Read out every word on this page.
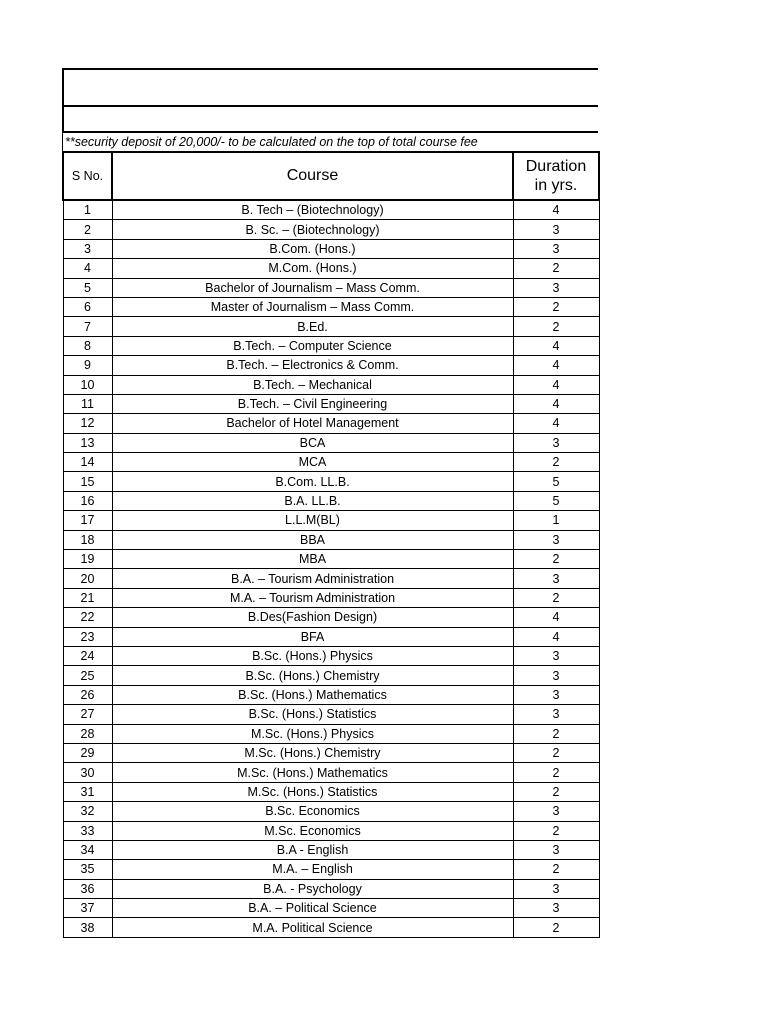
**security deposit of 20,000/- to be calculated on the top of total course fee
S No.	Course	Duration
in yrs.
1	B. Tech – (Biotechnology)	4
2	B. Sc. – (Biotechnology)	3
3	B.Com. (Hons.)	3
4	M.Com. (Hons.)	2
5	Bachelor of Journalism – Mass Comm.	3
6	Master of Journalism – Mass Comm.	2
7	B.Ed.	2
8	B.Tech. – Computer Science	4
9	B.Tech. – Electronics & Comm.	4
10	B.Tech. – Mechanical	4
11	B.Tech. – Civil Engineering	4
12	Bachelor of Hotel Management	4
13	BCA	3
14	MCA	2
15	B.Com. LL.B.	5
16	B.A. LL.B.	5
17	L.L.M(BL)	1
18	BBA	3
19	MBA	2
20	B.A. – Tourism Administration	3
21	M.A. – Tourism Administration	2
22	B.Des(Fashion Design)	4
23	BFA	4
24	B.Sc. (Hons.) Physics	3
25	B.Sc. (Hons.) Chemistry	3
26	B.Sc. (Hons.) Mathematics	3
27	B.Sc. (Hons.) Statistics	3
28	M.Sc. (Hons.) Physics	2
29	M.Sc. (Hons.) Chemistry	2
30	M.Sc. (Hons.) Mathematics	2
31	M.Sc. (Hons.) Statistics	2
32	B.Sc. Economics	3
33	M.Sc. Economics	2
34	B.A - English	3
35	M.A. – English	2
36	B.A. - Psychology	3
37	B.A. – Political Science	3
38	M.A. Political Science	2
